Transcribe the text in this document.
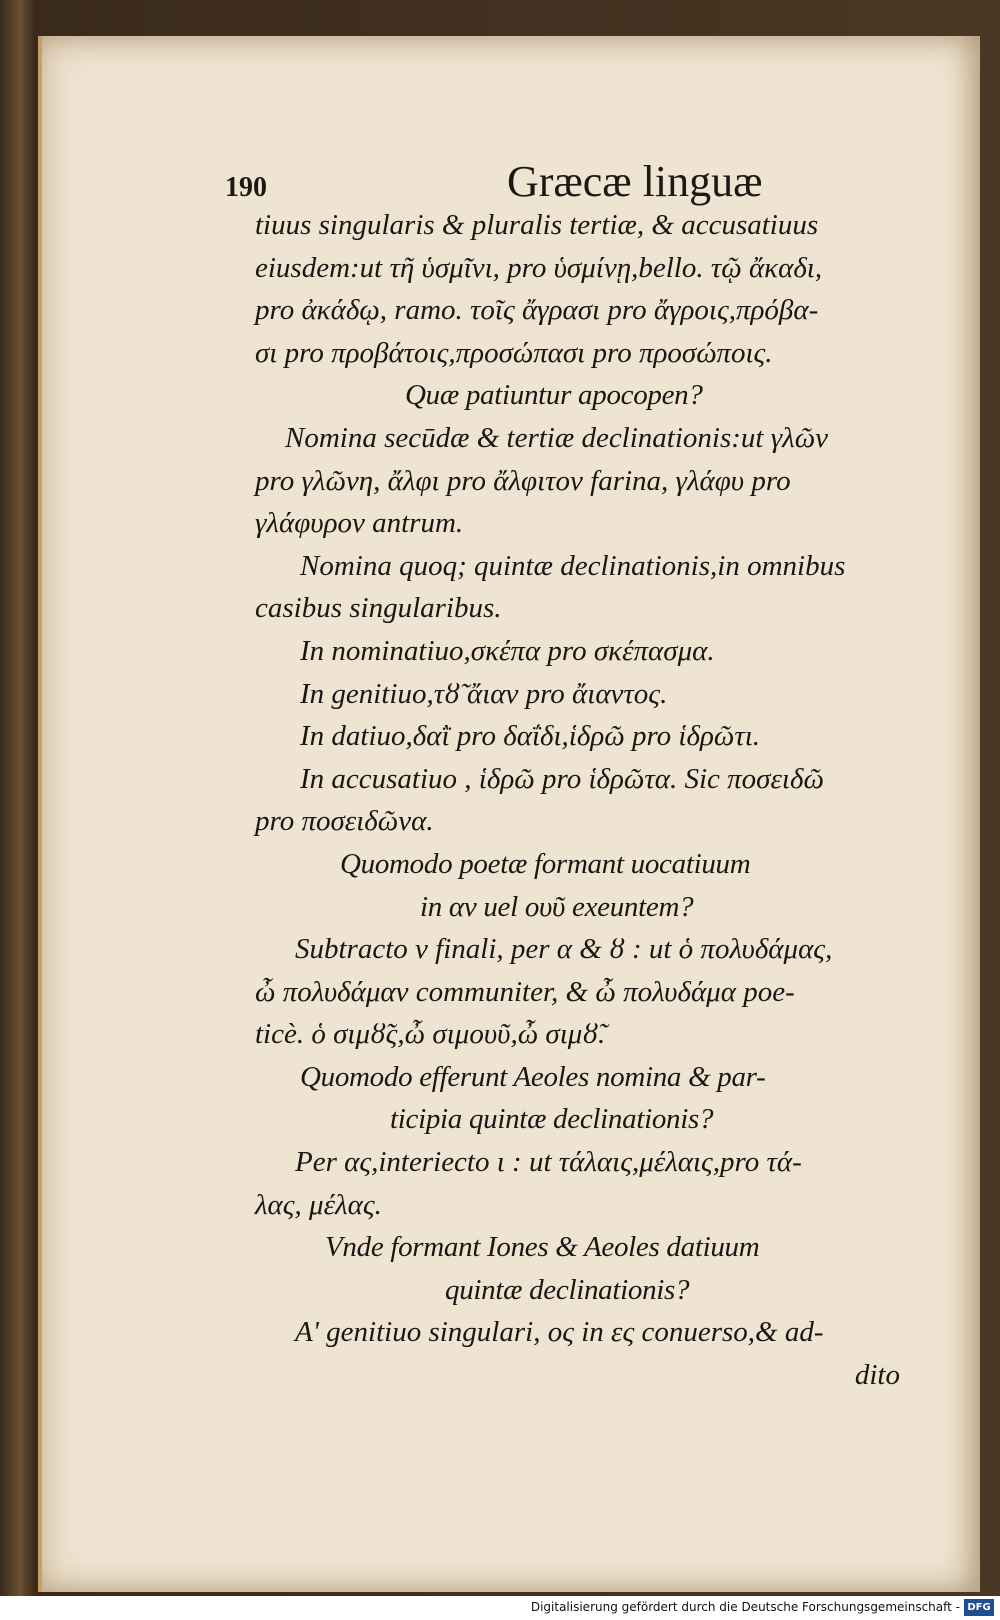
190	Græcæ linguæ
tiuus singularis & pluralis tertiæ, & accusatiuus
eiusdem:ut τῆ ὑσμῖνι, pro ὑσμίνῃ,bello. τῷ ἄκαδι,
pro ἀκάδῳ, ramo. τοῖς ἄγρασι pro ἄγροις,πρόβα-
σι pro προβάτοις,προσώπασι pro προσώποις.
Quæ patiuntur apocopen?
Nomina secūdæ & tertiæ declinationis:ut γλῶν
pro γλῶνη, ἄλφι pro ἄλφιτον farina, γλάφυ pro
γλάφυρον antrum.
Nomina quoq; quintæ declinationis,in omnibus
casibus singularibus.
In nominatiuo,σκέπα pro σκέπασμα.
In genitiuo,τȣ̃ ἄιαν pro ἄιαντος.
In datiuo,δαῒ pro δαΐδι,ἱδρῶ pro ἱδρῶτι.
In accusatiuo , ἱδρῶ pro ἱδρῶτα. Sic ποσειδῶ
pro ποσειδῶνα.
Quomodo poetæ formant uocatiuum
in αν uel ουῦ exeuntem?
Subtracto ν finali, per α & ȣ : ut ὁ πολυδάμας,
ὦ πολυδάμαν communiter, & ὦ πολυδάμα poe-
ticè. ὁ σιμȣ̃ς,ὦ σιμουῦ,ὦ σιμȣ̃.
Quomodo efferunt Aeoles nomina & par-
ticipia quintæ declinationis?
Per ας,interiecto ι : ut τάλαις,μέλαις,pro τά-
λας, μέλας.
Vnde formant Iones & Aeoles datiuum
quintæ declinationis?
A' genitiuo singulari, ος in ες conuerso,& ad-
dito
Digitalisierung gefördert durch die Deutsche Forschungsgemeinschaft - DFG
